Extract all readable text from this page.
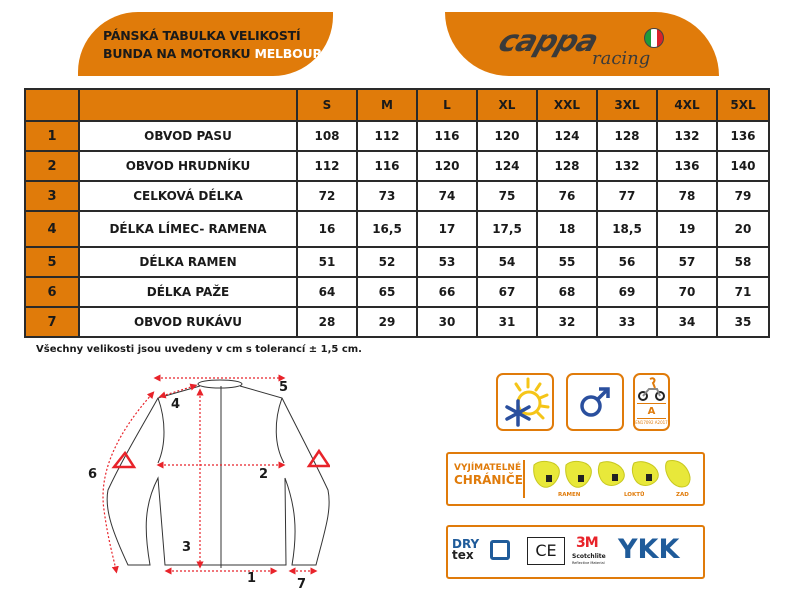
PÁNSKÁ TABULKA VELIKOSTÍ
BUNDA NA MOTORKU MELBOURNE	cappa
racing
		S	M	L	XL	XXL	3XL	4XL	5XL
1	OBVOD PASU	108	112	116	120	124	128	132	136
2	OBVOD HRUDNÍKU	112	116	120	124	128	132	136	140
3	CELKOVÁ DÉLKA	72	73	74	75	76	77	78	79
4	DÉLKA LÍMEC- RAMENA	16	16,5	17	17,5	18	18,5	19	20
5	DÉLKA RAMEN	51	52	53	54	55	56	57	58
6	DÉLKA PAŽE	64	65	66	67	68	69	70	71
7	OBVOD RUKÁVU	28	29	30	31	32	33	34	35
Všechny velikosti jsou uvedeny v cm s tolerancí ± 1,5 cm.
1
2
3
4
5
6
7
A
EN17092 A2017
VYJÍMATELNÉ
CHRÁNIČE
RAMEN	LOKTŮ	ZAD
DRY
tex	CE	3M
Scotchlite
Reflective Material YKK
